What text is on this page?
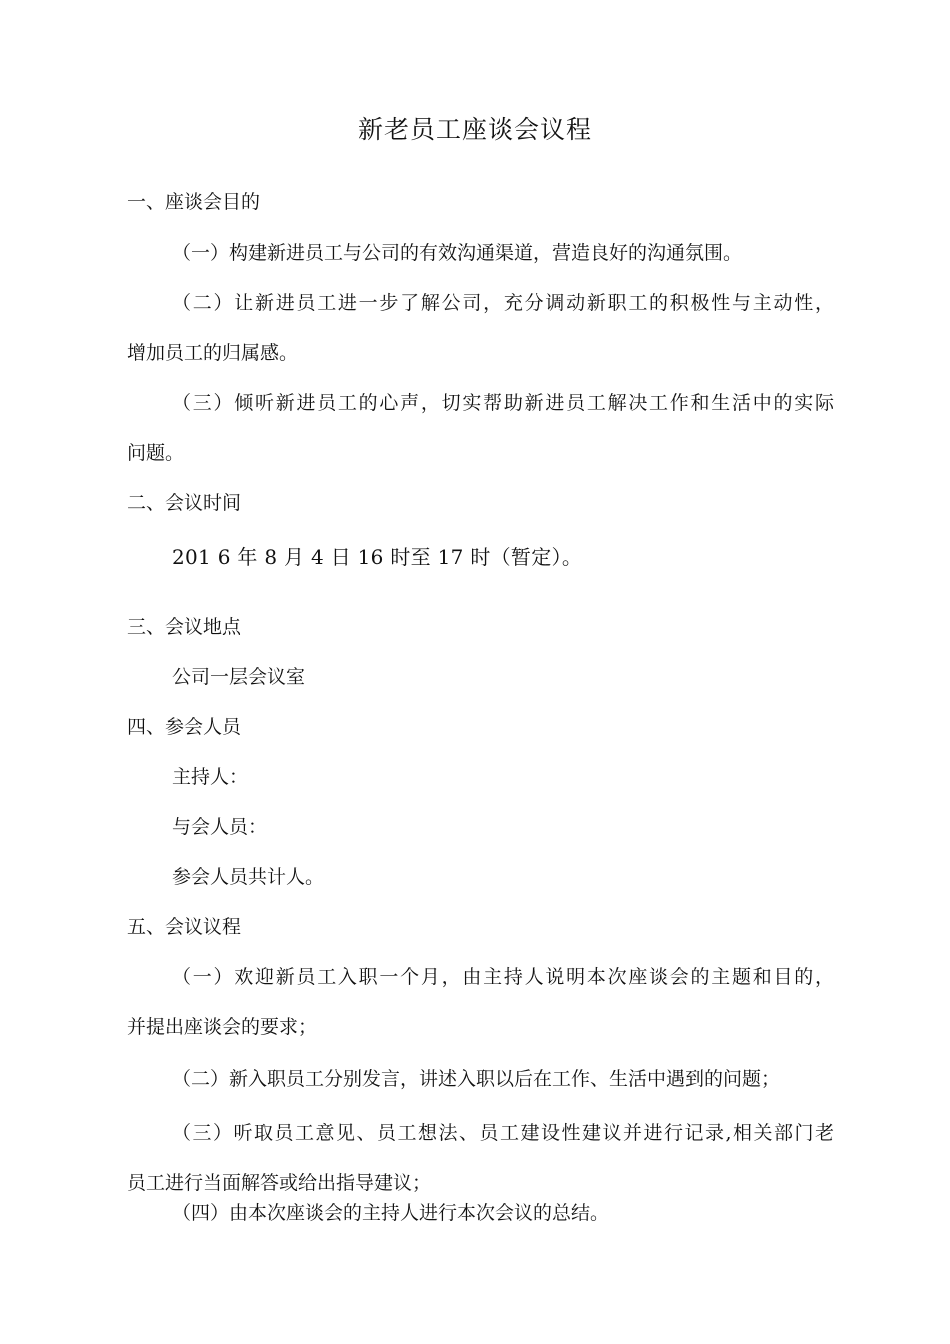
新老员工座谈会议程
一、座谈会目的
（一）构建新进员工与公司的有效沟通渠道，营造良好的沟通氛围。
（二）让新进员工进一步了解公司，充分调动新职工的积极性与主动性，
增加员工的归属感。
（三）倾听新进员工的心声，切实帮助新进员工解决工作和生活中的实际
问题。
二、会议时间
201 6 年 8 月 4 日 16 时至 17 时（暂定）。
三、会议地点
公司一层会议室
四、参会人员
主持人：
与会人员：
参会人员共计人。
五、会议议程
（一）欢迎新员工入职一个月，由主持人说明本次座谈会的主题和目的，
并提出座谈会的要求；
（二）新入职员工分别发言，讲述入职以后在工作、生活中遇到的问题；
（三）听取员工意见、员工想法、员工建设性建议并进行记录,相关部门老
员工进行当面解答或给出指导建议；
（四）由本次座谈会的主持人进行本次会议的总结。
